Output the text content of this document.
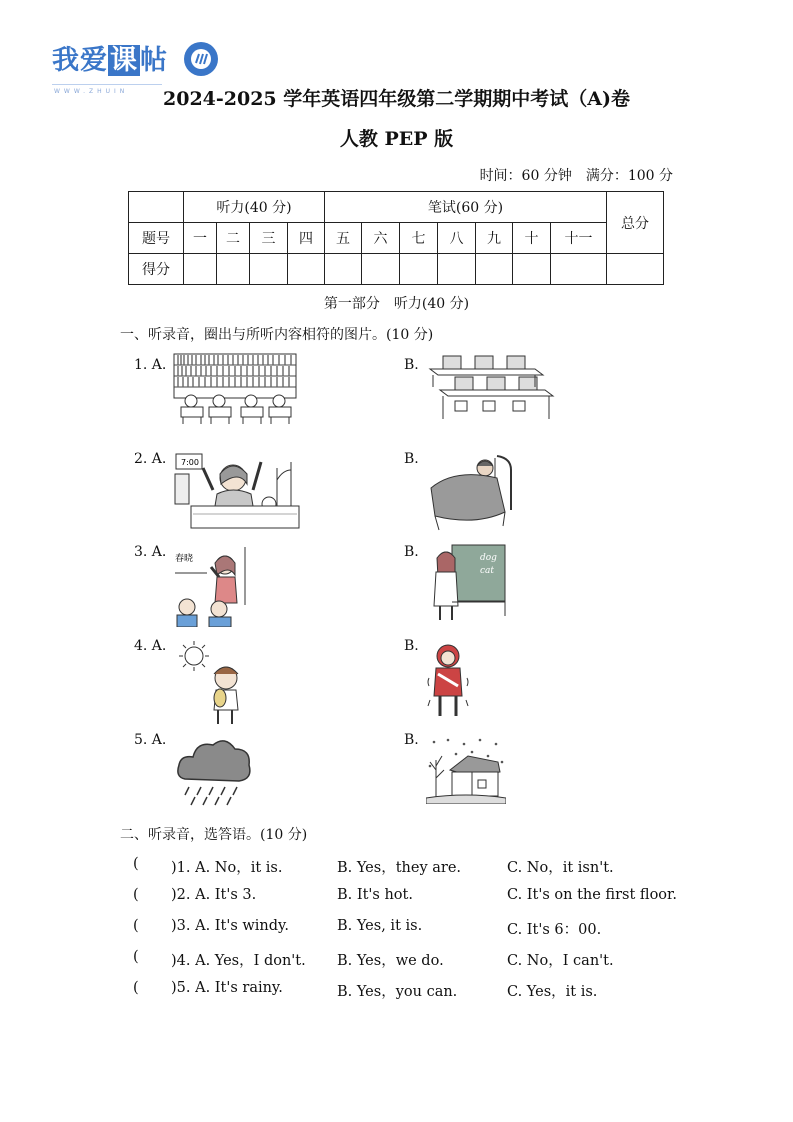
我爱课帖
WWW.ZHUIN	2024-2025 学年英语四年级第二学期期中考试（A)卷
人教 PEP 版
时间：60 分钟　满分：100 分
	听力(40 分)				笔试(60 分)							总分
题号	一	二	三	四	五	六	七	八	九	十	十一	
得分												
第一部分　听力(40 分)
一、听录音，圈出与所听内容相符的图片。(10 分)
1. A.	B.
2. A.	B.
3. A.	B.
4. A.	B.
5. A.	B.
7:00
春晓	dog
cat
二、听录音，选答语。(10 分)
( )1. A. No，it is.	B. Yes，they are.	C. No，it isn't.
( )2. A. It's 3.	B. It's hot.	C. It's on the first floor.
( )3. A. It's windy.	B. Yes, it is.	C. It's 6：00.
( )4. A. Yes，I don't. B. Yes，we do.	C. No，I can't.
( )5. A. It's rainy.	B. Yes，you can.	C. Yes，it is.
